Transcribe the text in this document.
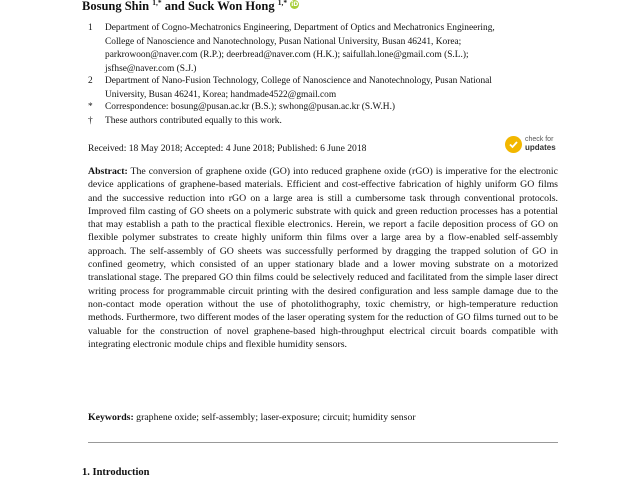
Bosung Shin $^{1,*}$ and Suck Won Hong $^{1,*}$ iD
1	Department of Cogno-Mechatronics Engineering, Department of Optics and Mechatronics Engineering,
College of Nanoscience and Nanotechnology, Pusan National University, Busan 46241, Korea;
parkrowoon@naver.com (R.P.); deerbread@naver.com (H.K.); saifullah.lone@gmail.com (S.L.);
jsfhse@naver.com (S.J.)
2	Department of Nano-Fusion Technology, College of Nanoscience and Nanotechnology, Pusan National
University, Busan 46241, Korea; handmade4522@gmail.com
*	Correspondence: bosung@pusan.ac.kr (B.S.); swhong@pusan.ac.kr (S.W.H.)
†	These authors contributed equally to this work.
Received: 18 May 2018; Accepted: 4 June 2018; Published: 6 June 2018
check for
updates
Abstract: The conversion of graphene oxide (GO) into reduced graphene oxide (rGO) is imperative for the electronic device applications of graphene-based materials. Efficient and cost-effective fabrication of highly uniform GO films and the successive reduction into rGO on a large area is still a cumbersome task through conventional protocols. Improved film casting of GO sheets on a polymeric substrate with quick and green reduction processes has a potential that may establish a path to the practical flexible electronics. Herein, we report a facile deposition process of GO on flexible polymer substrates to create highly uniform thin films over a large area by a flow-enabled self-assembly approach. The self-assembly of GO sheets was successfully performed by dragging the trapped solution of GO in confined geometry, which consisted of an upper stationary blade and a lower moving substrate on a motorized translational stage. The prepared GO thin films could be selectively reduced and facilitated from the simple laser direct writing process for programmable circuit printing with the desired configuration and less sample damage due to the non-contact mode operation without the use of photolithography, toxic chemistry, or high-temperature reduction methods. Furthermore, two different modes of the laser operating system for the reduction of GO films turned out to be valuable for the construction of novel graphene-based high-throughput electrical circuit boards compatible with integrating electronic module chips and flexible humidity sensors.
Keywords: graphene oxide; self-assembly; laser-exposure; circuit; humidity sensor
1. Introduction
